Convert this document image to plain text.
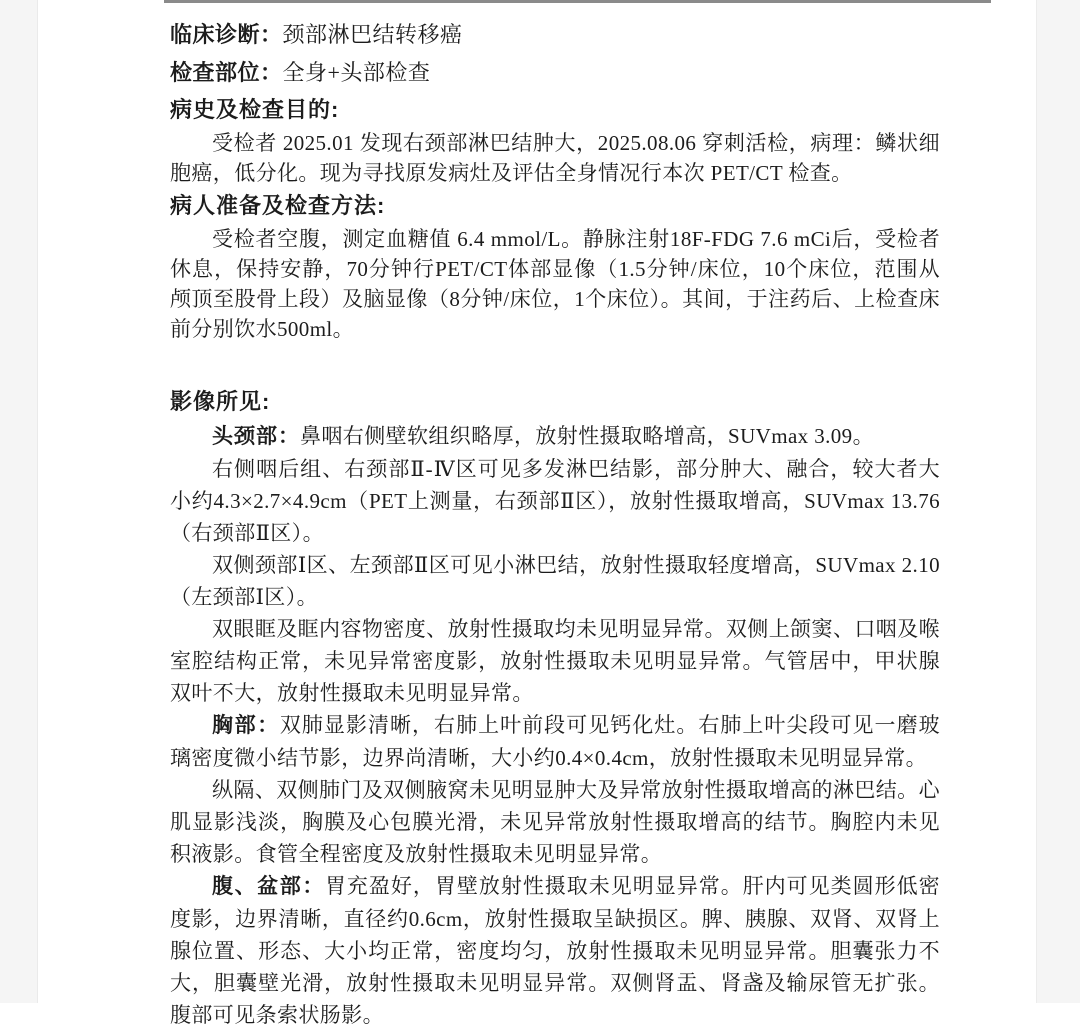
临床诊断：颈部淋巴结转移癌
检查部位：全身+头部检查
病史及检查目的:

受检者 2025.01 发现右颈部淋巴结肿大，2025.08.06 穿刺活检，病理：鳞状细胞癌，低分化。现为寻找原发病灶及评估全身情况行本次 PET/CT 检查。

病人准备及检查方法:

受检者空腹，测定血糖值 6.4 mmol/L。静脉注射18F-FDG 7.6 mCi后，受检者休息，保持安静，70分钟行PET/CT体部显像（1.5分钟/床位，10个床位，范围从颅顶至股骨上段）及脑显像（8分钟/床位，1个床位）。其间，于注药后、上检查床前分别饮水500ml。

影像所见:

头颈部：鼻咽右侧壁软组织略厚，放射性摄取略增高，SUVmax 3.09。

右侧咽后组、右颈部Ⅱ-Ⅳ区可见多发淋巴结影，部分肿大、融合，较大者大小约4.3×2.7×4.9cm（PET上测量，右颈部Ⅱ区），放射性摄取增高，SUVmax 13.76（右颈部Ⅱ区）。

双侧颈部Ⅰ区、左颈部Ⅱ区可见小淋巴结，放射性摄取轻度增高，SUVmax 2.10（左颈部Ⅰ区）。

双眼眶及眶内容物密度、放射性摄取均未见明显异常。双侧上颌窦、口咽及喉室腔结构正常，未见异常密度影，放射性摄取未见明显异常。气管居中，甲状腺双叶不大，放射性摄取未见明显异常。

胸部：双肺显影清晰，右肺上叶前段可见钙化灶。右肺上叶尖段可见一磨玻璃密度微小结节影，边界尚清晰，大小约0.4×0.4cm，放射性摄取未见明显异常。

纵隔、双侧肺门及双侧腋窝未见明显肿大及异常放射性摄取增高的淋巴结。心肌显影浅淡，胸膜及心包膜光滑，未见异常放射性摄取增高的结节。胸腔内未见积液影。食管全程密度及放射性摄取未见明显异常。

腹、盆部：胃充盈好，胃壁放射性摄取未见明显异常。肝内可见类圆形低密度影，边界清晰，直径约0.6cm，放射性摄取呈缺损区。脾、胰腺、双肾、双肾上腺位置、形态、大小均正常，密度均匀，放射性摄取未见明显异常。胆囊张力不大，胆囊壁光滑，放射性摄取未见明显异常。双侧肾盂、肾盏及输尿管无扩张。腹部可见条索状肠影。
